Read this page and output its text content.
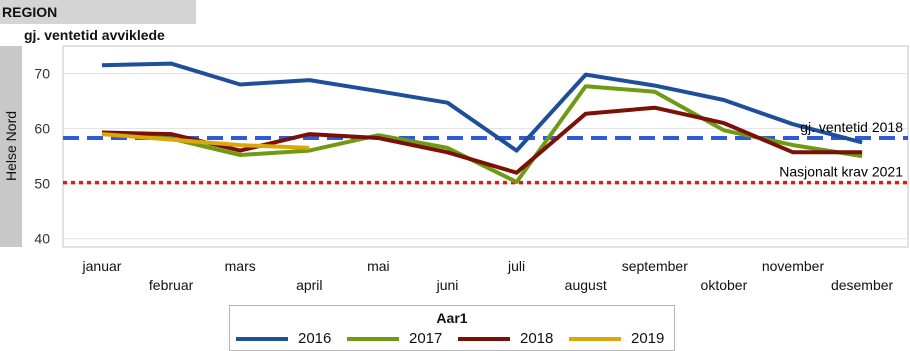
REGION
gj. ventetid avviklede
Helse Nord
40
50
60
70
januar
februar
mars
april
mai
juni
juli
august
september
oktober
november
desember
gj. ventetid 2018
Nasjonalt krav 2021
Aar1
2016	2017	2018	2019
